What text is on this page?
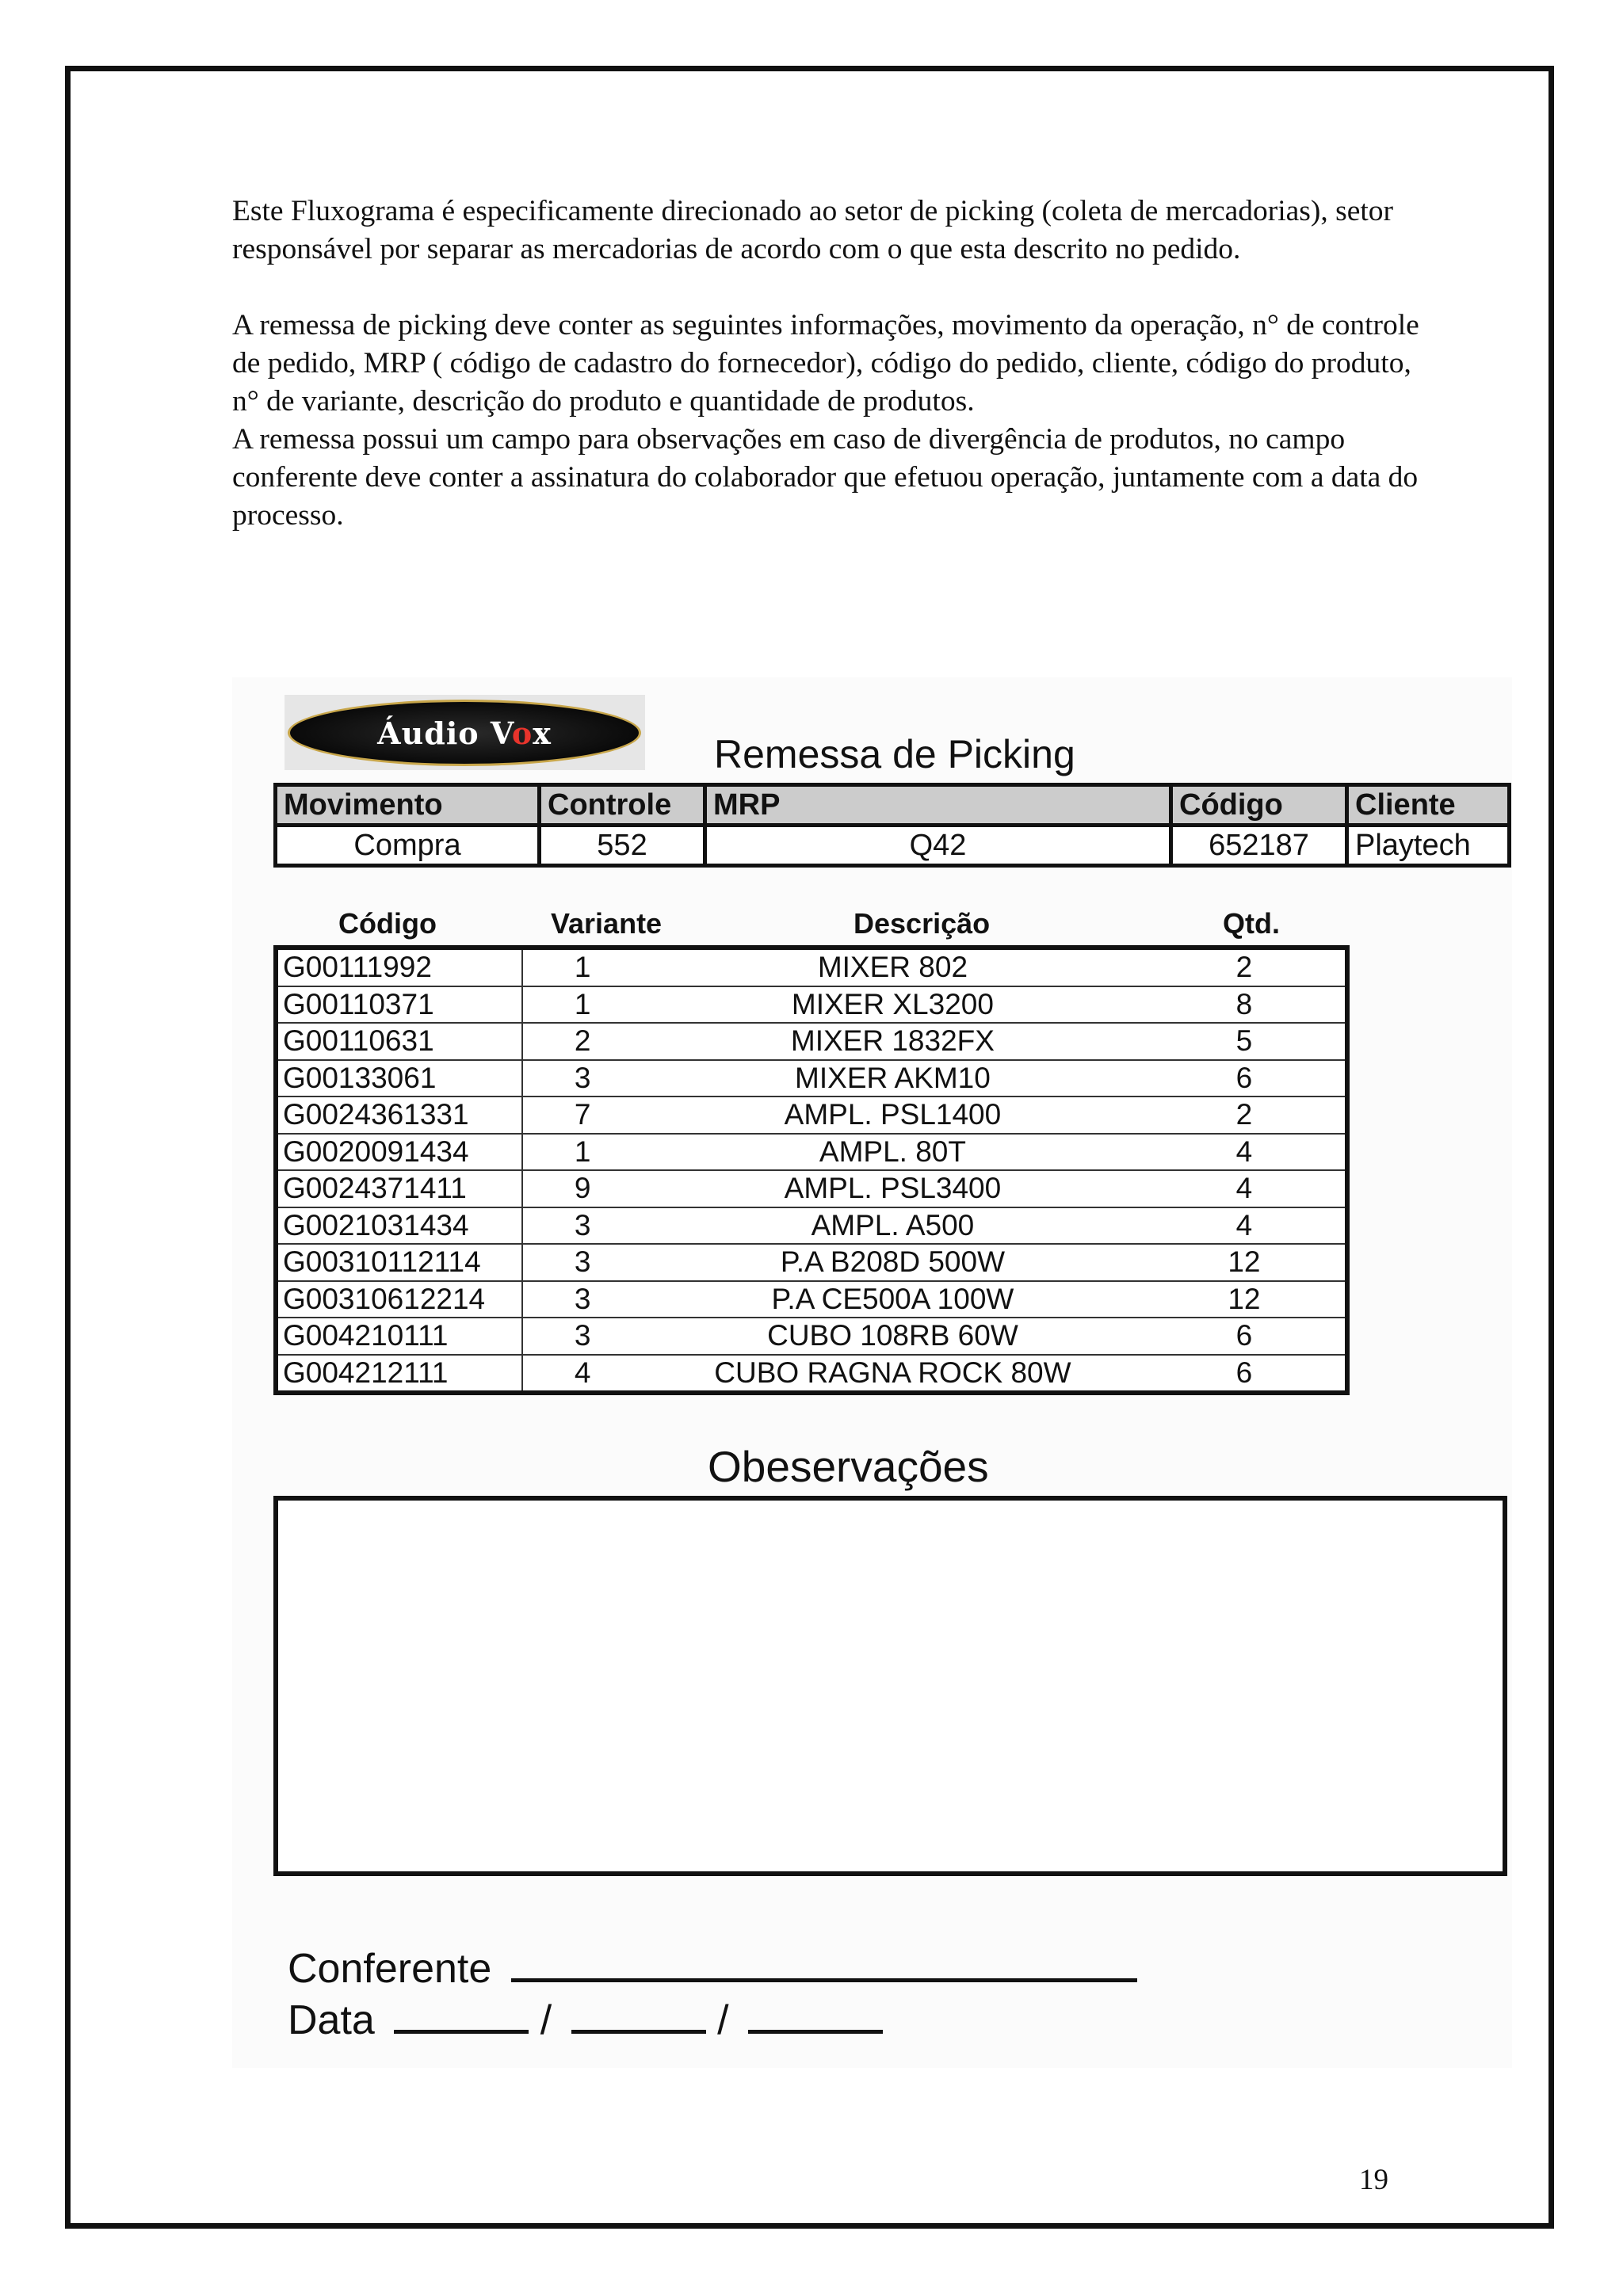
Este Fluxograma é especificamente direcionado ao setor de picking (coleta de mercadorias), setor responsável por separar as mercadorias de acordo com o que esta descrito no pedido.

A remessa de picking deve conter as seguintes informações, movimento da operação, n° de controle de pedido, MRP ( código de cadastro do fornecedor), código do pedido, cliente, código do produto, n° de variante, descrição do produto e quantidade de produtos.

A remessa possui um campo para observações em caso de divergência de produtos, no campo conferente deve conter a assinatura do colaborador que efetuou operação, juntamente com a data do processo.

Áudio Vox	Remessa de Picking
Movimento	Controle	MRP	Código	Cliente
Compra	552	Q42	652187	Playtech
Código	Variante	Descrição	Qtd.
G00111992	1	MIXER 802	2
G00110371	1	MIXER XL3200	8
G00110631	2	MIXER 1832FX	5
G00133061	3	MIXER AKM10	6
G0024361331	7	AMPL. PSL1400	2
G0020091434	1	AMPL. 80T	4
G0024371411	9	AMPL. PSL3400	4
G0021031434	3	AMPL. A500	4
G00310112114	3	P.A B208D 500W	12
G00310612214	3	P.A CE500A 100W	12
G004210111	3	CUBO 108RB 60W	6
G004212111	4	CUBO RAGNA ROCK 80W	6
Obeservações
Conferente
Data	/	/
19
